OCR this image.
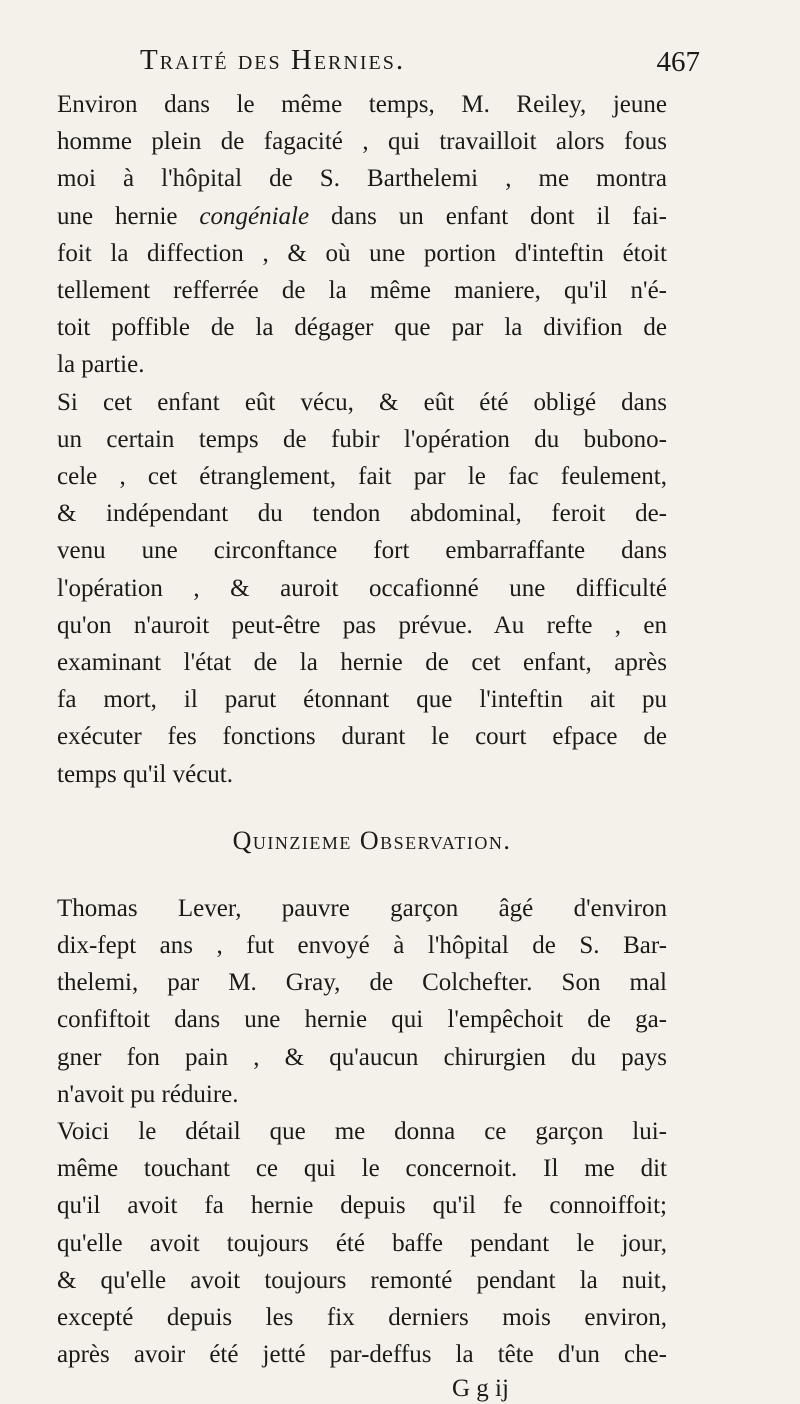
Traité des Hernies.	467
Environ dans le même temps, M. Reiley, jeune
homme plein de fagacité , qui travailloit alors fous
moi à l'hôpital de S. Barthelemi , me montra
une hernie congéniale dans un enfant dont il fai-
foit la diffection , & où une portion d'inteftin étoit
tellement refferrée de la même maniere, qu'il n'é-
toit poffible de la dégager que par la divifion de
la partie.
Si cet enfant eût vécu, & eût été obligé dans
un certain temps de fubir l'opération du bubono-
cele , cet étranglement, fait par le fac feulement,
& indépendant du tendon abdominal, feroit de-
venu une circonftance fort embarraffante dans
l'opération , & auroit occafionné une difficulté
qu'on n'auroit peut-être pas prévue. Au refte , en
examinant l'état de la hernie de cet enfant, après
fa mort, il parut étonnant que l'inteftin ait pu
exécuter fes fonctions durant le court efpace de
temps qu'il vécut.
Quinzieme Observation.
Thomas Lever, pauvre garçon âgé d'environ
dix-fept ans , fut envoyé à l'hôpital de S. Bar-
thelemi, par M. Gray, de Colchefter. Son mal
confiftoit dans une hernie qui l'empêchoit de ga-
gner fon pain , & qu'aucun chirurgien du pays
n'avoit pu réduire.
Voici le détail que me donna ce garçon lui-
même touchant ce qui le concernoit. Il me dit
qu'il avoit fa hernie depuis qu'il fe connoiffoit;
qu'elle avoit toujours été baffe pendant le jour,
& qu'elle avoit toujours remonté pendant la nuit,
excepté depuis les fix derniers mois environ,
après avoir été jetté par-deffus la tête d'un che-
G g ij
